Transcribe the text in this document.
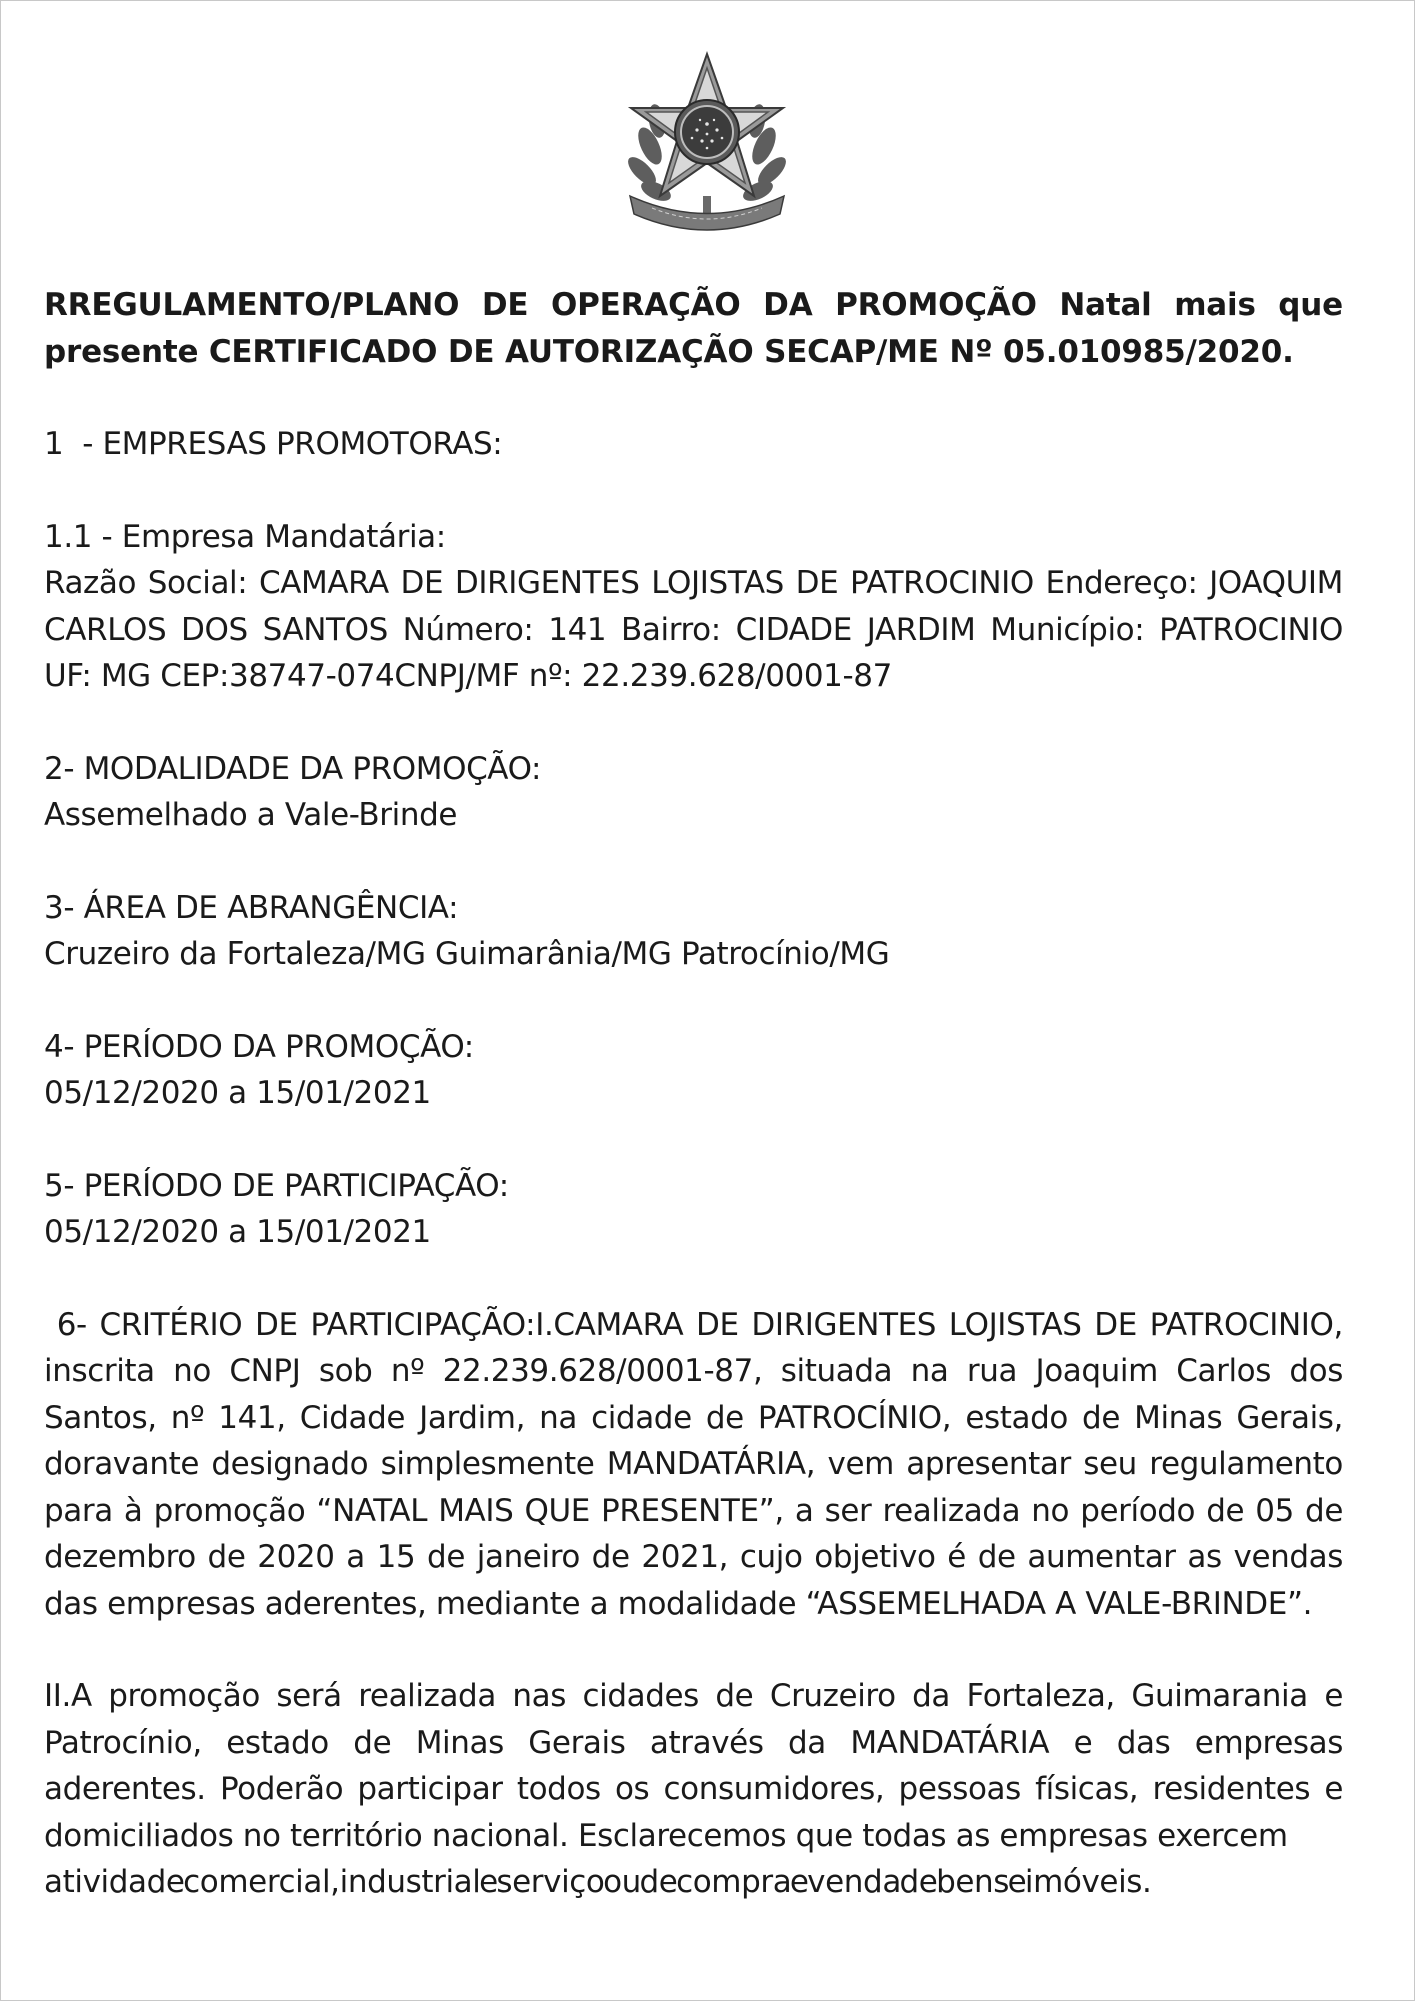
RREGULAMENTO/PLANO DE OPERAÇÃO DA PROMOÇÃO Natal mais que presente CERTIFICADO DE AUTORIZAÇÃO SECAP/ME Nº 05.010985/2020.

1  - EMPRESAS PROMOTORAS:

1.1 - Empresa Mandatária:

Razão Social: CAMARA DE DIRIGENTES LOJISTAS DE PATROCINIO Endereço: JOAQUIM CARLOS DOS SANTOS Número: 141 Bairro: CIDADE JARDIM Município: PATROCINIO UF: MG CEP:38747-074CNPJ/MF nº: 22.239.628/0001-87

2- MODALIDADE DA PROMOÇÃO:

Assemelhado a Vale-Brinde

3- ÁREA DE ABRANGÊNCIA:

Cruzeiro da Fortaleza/MG Guimarânia/MG Patrocínio/MG

4- PERÍODO DA PROMOÇÃO:

05/12/2020 a 15/01/2021

5- PERÍODO DE PARTICIPAÇÃO:

05/12/2020 a 15/01/2021

6- CRITÉRIO DE PARTICIPAÇÃO:I.CAMARA DE DIRIGENTES LOJISTAS DE PATROCINIO, inscrita no CNPJ sob nº 22.239.628/0001-87, situada na rua Joaquim Carlos dos Santos, nº 141, Cidade Jardim, na cidade de PATROCÍNIO, estado de Minas Gerais, doravante designado simplesmente MANDATÁRIA, vem apresentar seu regulamento para à promoção “NATAL MAIS QUE PRESENTE”, a ser realizada no período de 05 de dezembro de 2020 a 15 de janeiro de 2021, cujo objetivo é de aumentar as vendas das empresas aderentes, mediante a modalidade “ASSEMELHADA A VALE-BRINDE”.

II.A promoção será realizada nas cidades de Cruzeiro da Fortaleza, Guimarania e Patrocínio, estado de Minas Gerais através da MANDATÁRIA e das empresas aderentes. Poderão participar todos os consumidores, pessoas físicas, residentes e domiciliados no território nacional. Esclarecemos que todas as empresas exercem

atividade comercial,industrial e serviço ou de compra e venda de bens e imóveis.
